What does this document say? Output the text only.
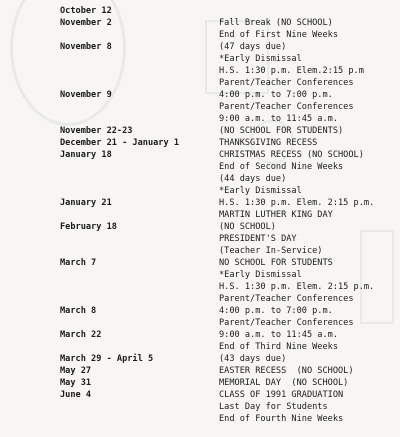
October 12

Fall Break (NO SCHOOL)

November 2

End of First Nine Weeks

(47 days due)

November 8

*Early Dismissal

H.S. 1:30 p.m. Elem.2:15 p.m

Parent/Teacher Conferences

4:00 p.m. to 7:00 p.m.

November 9

Parent/Teacher Conferences

9:00 a.m. to 11:45 a.m.

(NO SCHOOL FOR STUDENTS)

November 22-23

THANKSGIVING RECESS

December 21 - January 1

CHRISTMAS RECESS (NO SCHOOL)

January 18

End of Second Nine Weeks

(44 days due)

*Early Dismissal

H.S. 1:30 p.m. Elem. 2:15 p.m.

January 21

MARTIN LUTHER KING DAY

(NO SCHOOL)

February 18

PRESIDENT'S DAY

(Teacher In-Service)

NO SCHOOL FOR STUDENTS

March 7

*Early Dismissal

H.S. 1:30 p.m. Elem. 2:15 p.m.

Parent/Teacher Conferences

4:00 p.m. to 7:00 p.m.

March 8

Parent/Teacher Conferences

9:00 a.m. to 11:45 a.m.

March 22

End of Third Nine Weeks

(43 days due)

March 29 - April 5

EASTER RECESS  (NO SCHOOL)

May 27

MEMORIAL DAY  (NO SCHOOL)

May 31

CLASS OF 1991 GRADUATION

June 4

Last Day for Students

End of Fourth Nine Weeks
